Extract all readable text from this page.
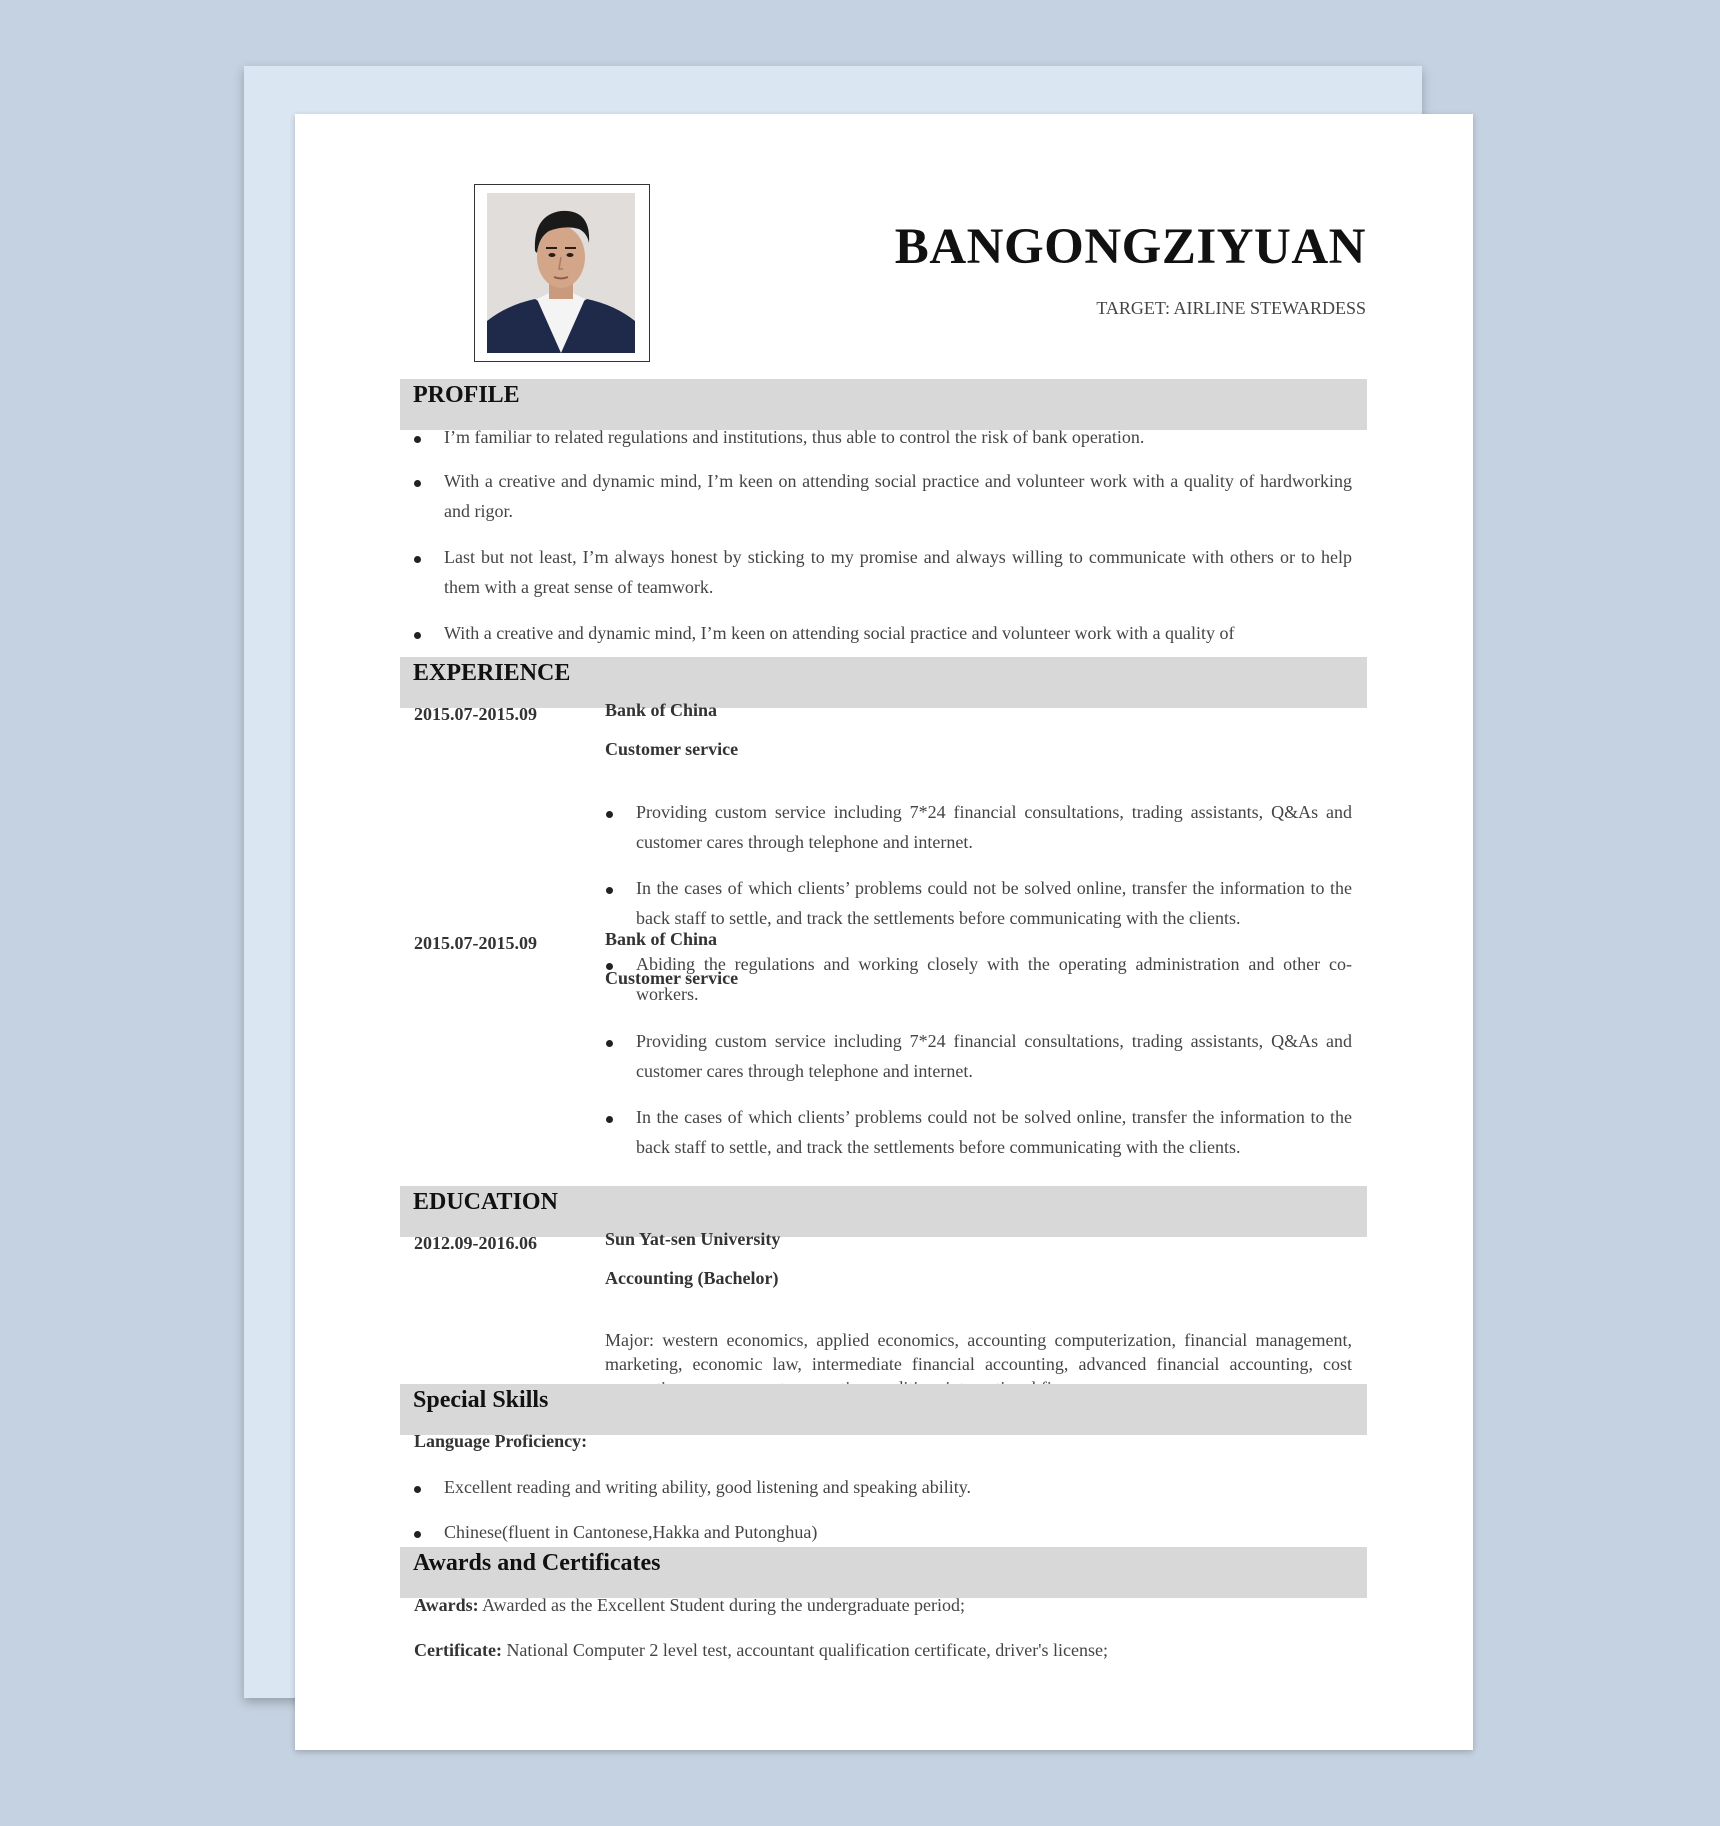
BANGONGZIYUAN
TARGET: AIRLINE STEWARDESS
PROFILE
I’m familiar to related regulations and institutions, thus able to control the risk of bank operation.
With a creative and dynamic mind, I’m keen on attending social practice and volunteer work with a quality of hardworking and rigor.
Last but not least, I’m always honest by sticking to my promise and always willing to communicate with others or to help them with a great sense of teamwork.
With a creative and dynamic mind, I’m keen on attending social practice and volunteer work with a quality of
EXPERIENCE
2015.07-2015.09	Bank of China
Customer service
Providing custom service including 7*24 financial consultations, trading assistants, Q&As and customer cares through telephone and internet.
In the cases of which clients’ problems could not be solved online, transfer the information to the back staff to settle, and track the settlements before communicating with the clients.
Abiding the regulations and working closely with the operating administration and other co-workers.
2015.07-2015.09	Bank of China
Customer service
Providing custom service including 7*24 financial consultations, trading assistants, Q&As and customer cares through telephone and internet.
In the cases of which clients’ problems could not be solved online, transfer the information to the back staff to settle, and track the settlements before communicating with the clients.
EDUCATION
2012.09-2016.06	Sun Yat-sen University
Accounting (Bachelor)
Major: western economics, applied economics, accounting computerization, financial management, marketing, economic law, intermediate financial accounting, advanced financial accounting, cost
Special Skills
Language Proficiency:
Excellent reading and writing ability, good listening and speaking ability.
Chinese(fluent in Cantonese,Hakka and Putonghua)
Awards and Certificates
Awards: Awarded as the Excellent Student during the undergraduate period;
Certificate: National Computer 2 level test, accountant qualification certificate, driver's license;
